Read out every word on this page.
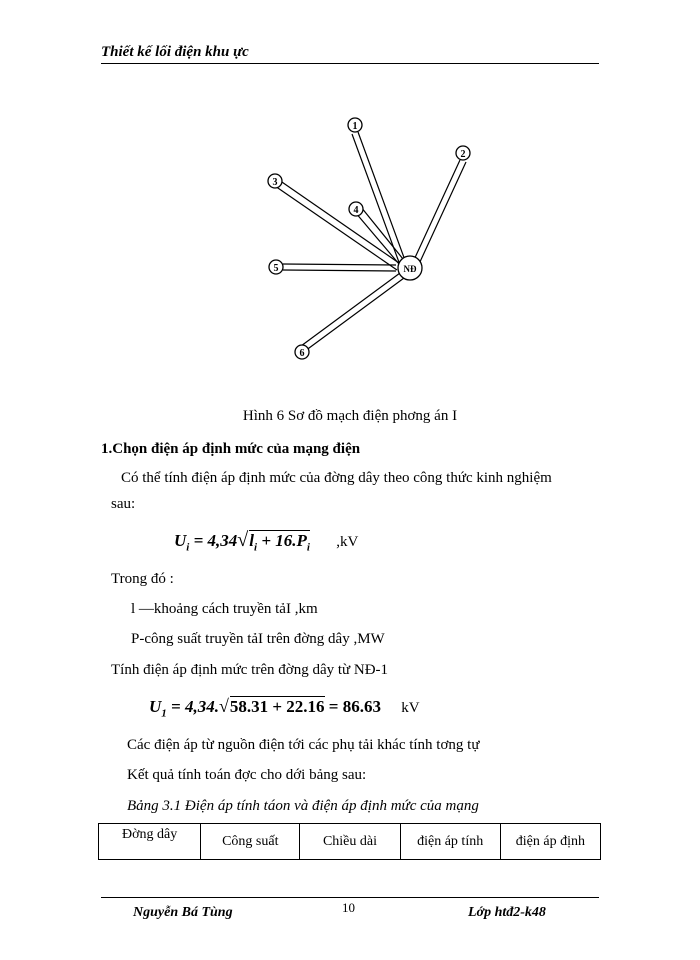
Thiết kế lối điện khu ực
NĐ
1
2
3
4
5
6
Hình 6 Sơ đồ mạch điện phơng án I
1.Chọn điện áp định mức của mạng điện
Có thể tính điện áp định mức của đờng dây theo công thức kinh nghiệm
sau:
$U_i = 4,34√l_i + 16.P_i$ ,kV
Trong đó :
l —khoảng cách truyền tảI ,km
P-công suất truyền tảI trên đờng dây ,MW
Tính điện áp định mức trên đờng dây từ NĐ-1
$U_1 = 4,34.√58.31 + 22.16 = 86.63$ kV
Các điện áp từ nguồn điện tới các phụ tải khác tính tơng tự
Kết quả tính toán đợc cho dới bảng sau:
Bảng 3.1 Điện áp tính táon và điện áp định mức của mạng
Đờng dây	Công suất	Chiều dài	điện áp tính	điện áp định
Nguyễn Bá Tùng	10	Lớp htđ2-k48
